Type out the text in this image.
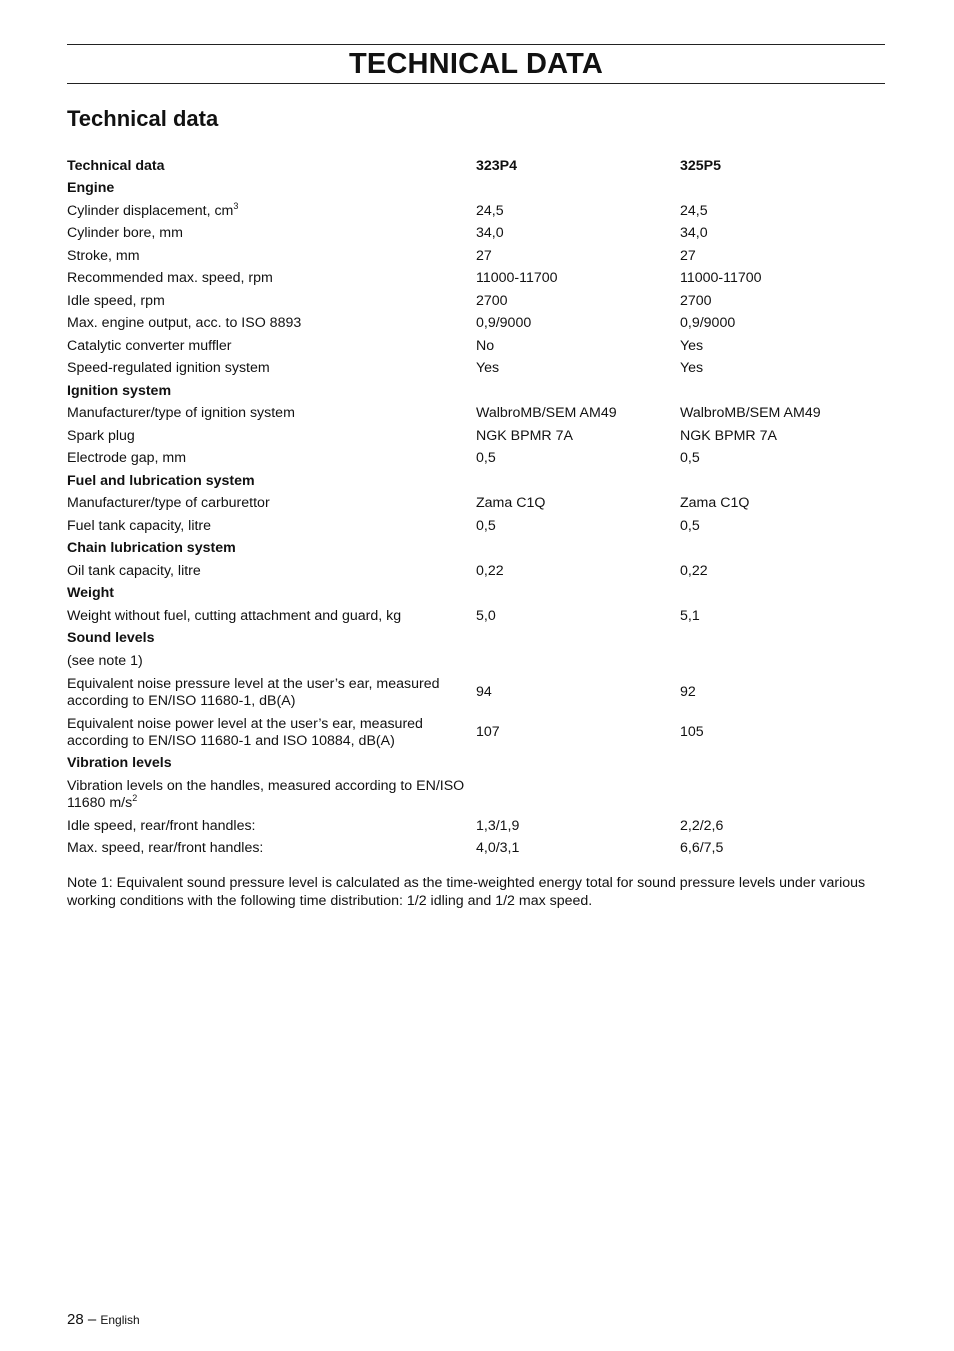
TECHNICAL DATA
Technical data
Technical data	323P4	325P5
Engine		
Cylinder displacement, $cm^3$	24,5	24,5
Cylinder bore, mm	34,0	34,0
Stroke, mm	27	27
Recommended max. speed, rpm	11000-11700	11000-11700
Idle speed, rpm	2700	2700
Max. engine output, acc. to ISO 8893	0,9/9000	0,9/9000
Catalytic converter muffler	No	Yes
Speed-regulated ignition system	Yes	Yes
Ignition system		
Manufacturer/type of ignition system	WalbroMB/SEM AM49	WalbroMB/SEM AM49
Spark plug	NGK BPMR 7A	NGK BPMR 7A
Electrode gap, mm	0,5	0,5
Fuel and lubrication system		
Manufacturer/type of carburettor	Zama C1Q	Zama C1Q
Fuel tank capacity, litre	0,5	0,5
Chain lubrication system		
Oil tank capacity, litre	0,22	0,22
Weight		
Weight without fuel, cutting attachment and guard, kg	5,0	5,1
Sound levels		
(see note 1)		
Equivalent noise pressure level at the user’s ear, measured
according to EN/ISO 11680-1, dB(A)	94	92
Equivalent noise power level at the user’s ear, measured
according to EN/ISO 11680-1 and ISO 10884, dB(A)	107	105
Vibration levels		
Vibration levels on the handles, measured according to EN/ISO
11680 $m/s^2$
Idle speed, rear/front handles:	1,3/1,9	2,2/2,6
Max. speed, rear/front handles:	4,0/3,1	6,6/7,5

Note 1: Equivalent sound pressure level is calculated as the time-weighted energy total for sound pressure levels under various working conditions with the following time distribution: 1/2 idling and 1/2 max speed.

28 – English
